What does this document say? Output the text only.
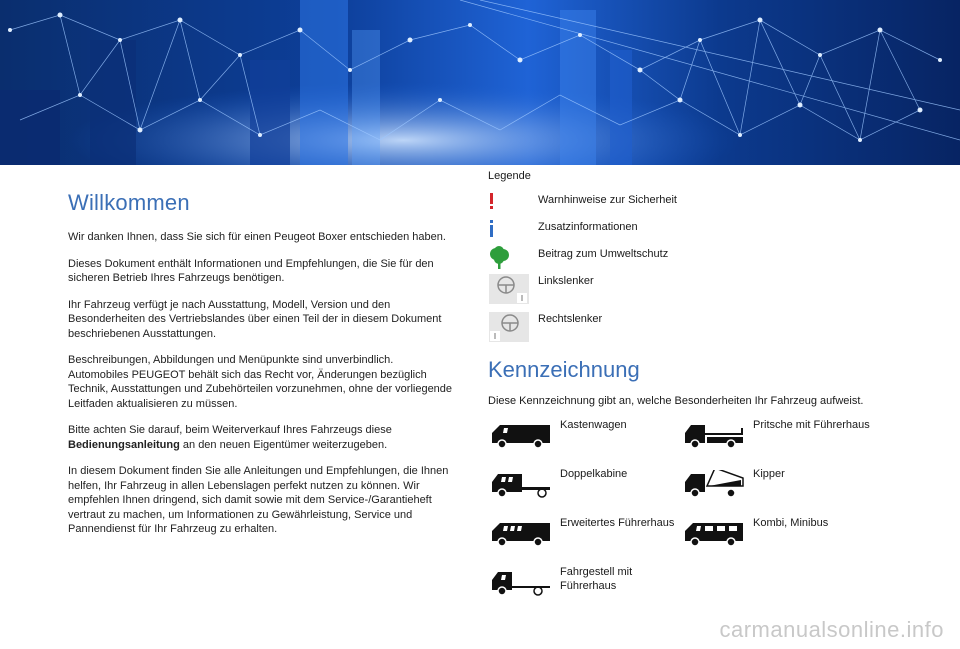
Willkommen

Wir danken Ihnen, dass Sie sich für einen Peugeot Boxer entschieden haben.

Dieses Dokument enthält Informationen und Empfehlungen, die Sie für den sicheren Betrieb Ihres Fahrzeugs benötigen.

Ihr Fahrzeug verfügt je nach Ausstattung, Modell, Version und den Besonderheiten des Vertriebslandes über einen Teil der in diesem Dokument beschriebenen Ausstattungen.

Beschreibungen, Abbildungen und Menüpunkte sind unverbindlich. Automobiles PEUGEOT behält sich das Recht vor, Änderungen bezüglich Technik, Ausstattungen und Zubehörteilen vorzunehmen, ohne der vorliegende Leitfaden aktualisieren zu müssen.

Bitte achten Sie darauf, beim Weiterverkauf Ihres Fahrzeugs diese Bedienungsanleitung an den neuen Eigentümer weiterzugeben.

In diesem Dokument finden Sie alle Anleitungen und Empfehlungen, die Ihnen helfen, Ihr Fahrzeug in allen Lebenslagen perfekt nutzen zu können. Wir empfehlen Ihnen dringend, sich damit sowie mit dem Service-/Garantieheft vertraut zu machen, um Informationen zu Gewährleistung, Service und Pannendienst für Ihr Fahrzeug zu erhalten.

Legende
Warnhinweise zur Sicherheit
Zusatzinformationen
Beitrag zum Umweltschutz
Linkslenker
Rechtslenker
Kennzeichnung
Diese Kennzeichnung gibt an, welche Besonderheiten Ihr Fahrzeug aufweist.
Kastenwagen	Pritsche mit Führerhaus
Doppelkabine	Kipper
Erweitertes Führerhaus	Kombi, Minibus
Fahrgestell mit Führerhaus
carmanualsonline.info
